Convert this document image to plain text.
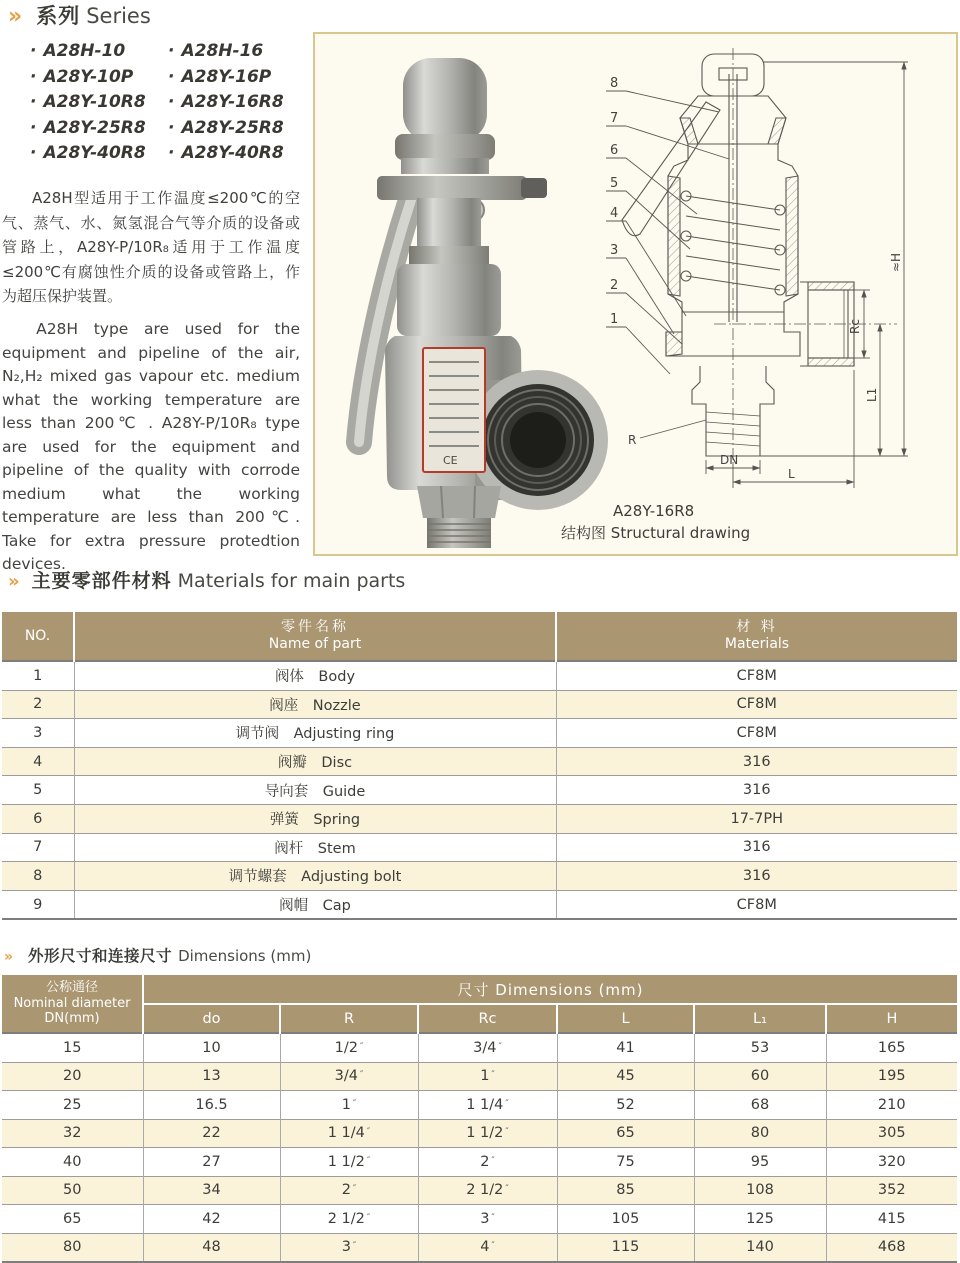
» 系列 Series
· A28H-10
· A28Y-10P
· A28Y-10R8
· A28Y-25R8
· A28Y-40R8
· A28H-16
· A28Y-16P
· A28Y-16R8
· A28Y-25R8
· A28Y-40R8
A28H型适用于工作温度≤200℃的空气、蒸气、水、氮氢混合气等介质的设备或管路上，A28Y-P/10R₈适用于工作温度≤200℃有腐蚀性介质的设备或管路上，作为超压保护装置。
A28H type are used for the equipment and pipeline of the air, N₂,H₂ mixed gas vapour etc. medium what the working temperature are less than 200℃ . A28Y-P/10R₈ type are used for the equipment and pipeline of the quality with corrode medium what the working temperature are less than 200℃. Take for extra pressure protedtion devices.
CE
8
7
6
5
4
3
2
1	Rc
L1
≈H
DN
L
R
A28Y-16R8
结构图 Structural drawing
» 主要零部件材料 Materials for main parts
NO.	
零件名称
Name of part

材 料
Materials

1	阀体  Body	CF8M
2	阀座  Nozzle	CF8M
3	调节阀  Adjusting ring	CF8M
4	阀瓣  Disc	316
5	导向套  Guide	316
6	弹簧  Spring	17-7PH
7	阀杆  Stem	316
8	调节螺套  Adjusting bolt	316
9	阀帽  Cap	CF8M
» 外形尺寸和连接尺寸 Dimensions (mm)
公称通径
Nominal diameter
DN(mm)	尺寸 Dimensions (mm)					
	do	R	Rc	L	L₁	H
15	10	1/2 ″	3/4 ″	41	53	165
20	13	3/4 ″	1 ″	45	60	195
25	16.5	1 ″	1 1/4 ″	52	68	210
32	22	1 1/4 ″	1 1/2 ″	65	80	305
40	27	1 1/2 ″	2 ″	75	95	320
50	34	2 ″	2 1/2 ″	85	108	352
65	42	2 1/2 ″	3 ″	105	125	415
80	48	3 ″	4 ″	115	140	468
